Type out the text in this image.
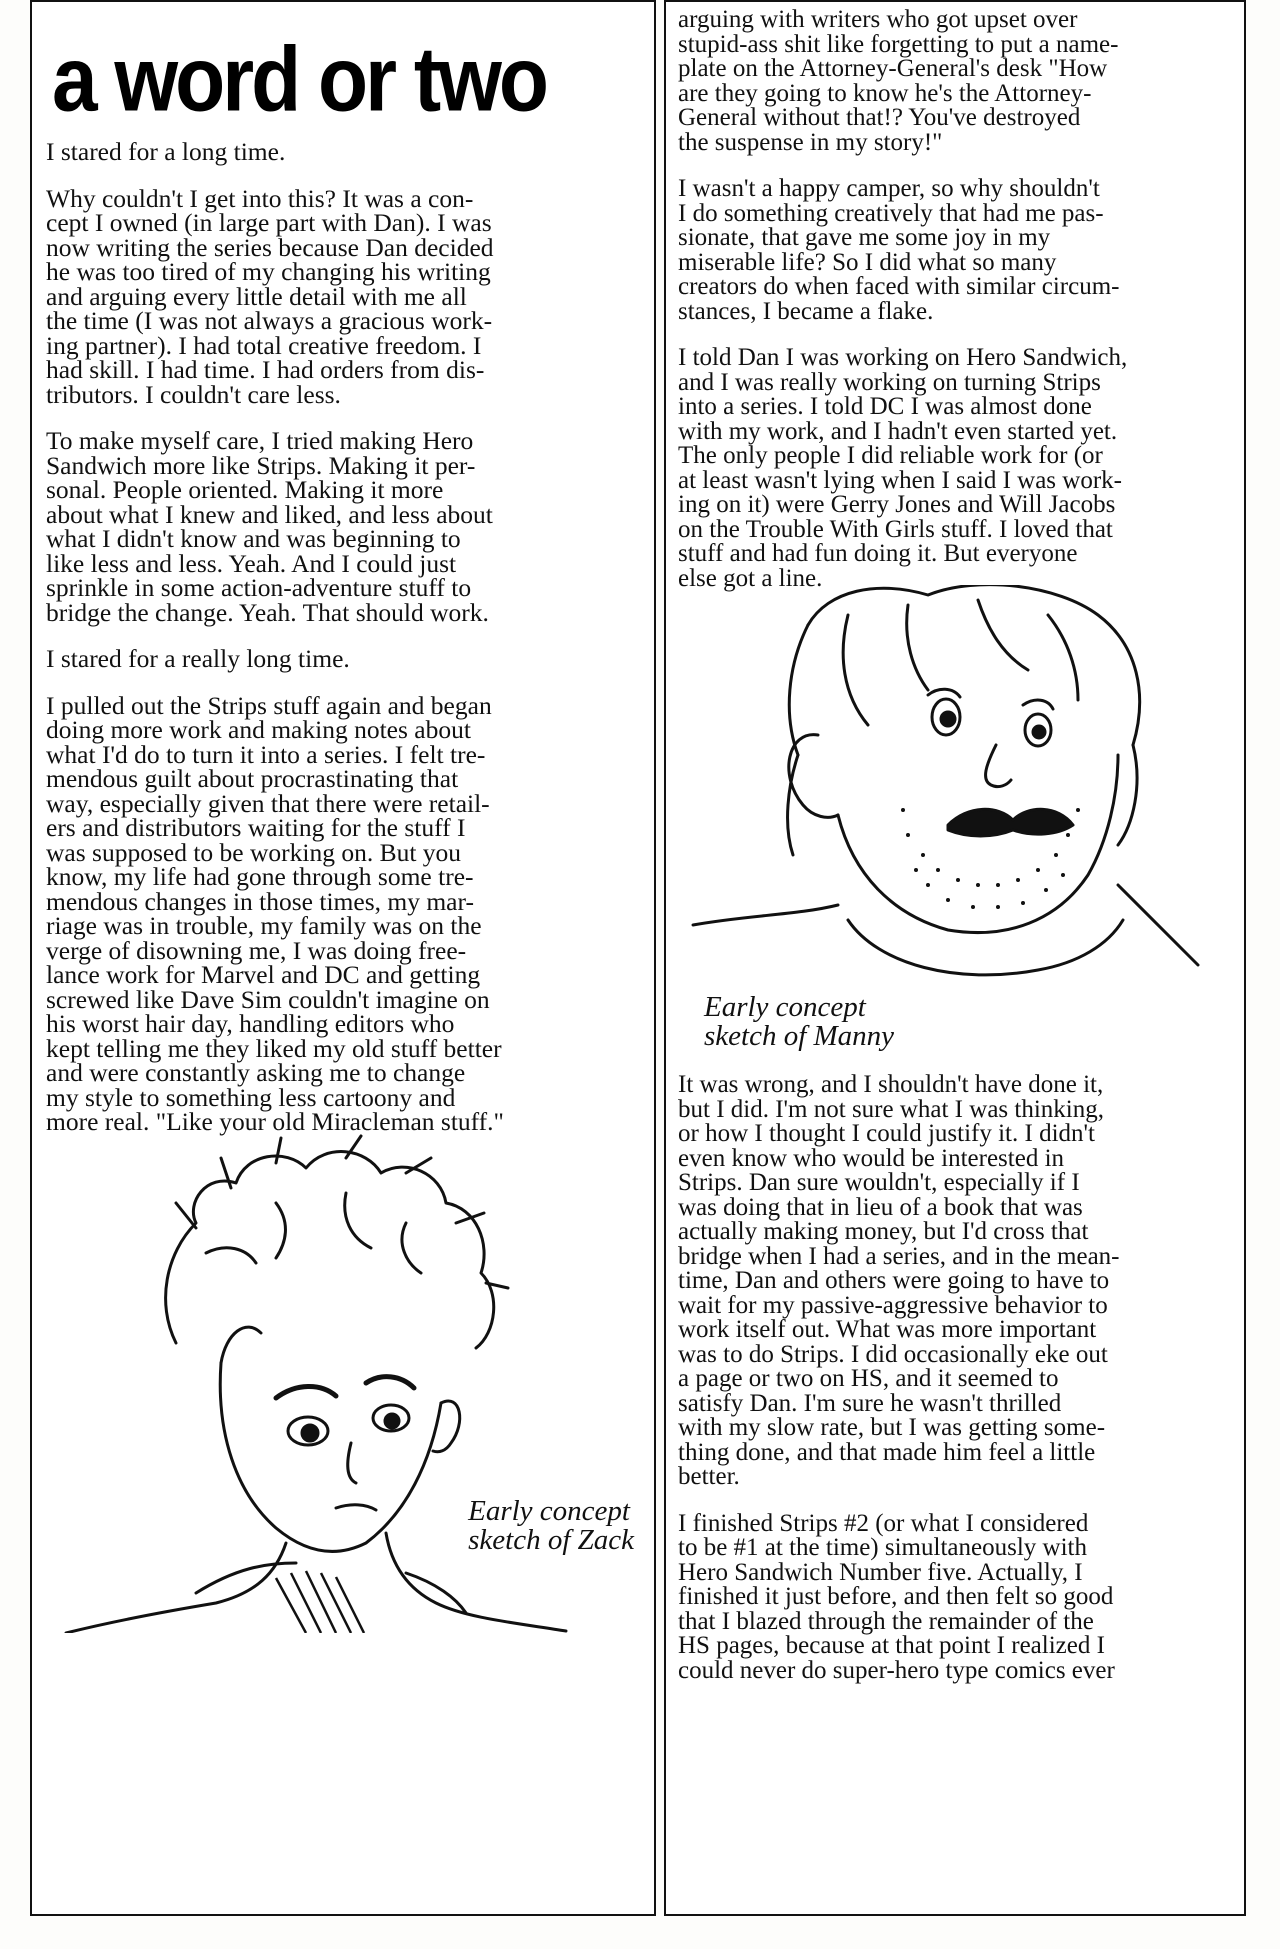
a word or two

I stared for a long time.

Why couldn't I get into this? It was a con-
cept I owned (in large part with Dan). I was
now writing the series because Dan decided
he was too tired of my changing his writing
and arguing every little detail with me all
the time (I was not always a gracious work-
ing partner). I had total creative freedom. I
had skill. I had time. I had orders from dis-
tributors. I couldn't care less.

To make myself care, I tried making Hero
Sandwich more like Strips. Making it per-
sonal. People oriented. Making it more
about what I knew and liked, and less about
what I didn't know and was beginning to
like less and less. Yeah. And I could just
sprinkle in some action-adventure stuff to
bridge the change. Yeah. That should work.

I stared for a really long time.

I pulled out the Strips stuff again and began
doing more work and making notes about
what I'd do to turn it into a series. I felt tre-
mendous guilt about procrastinating that
way, especially given that there were retail-
ers and distributors waiting for the stuff I
was supposed to be working on. But you
know, my life had gone through some tre-
mendous changes in those times, my mar-
riage was in trouble, my family was on the
verge of disowning me, I was doing free-
lance work for Marvel and DC and getting
screwed like Dave Sim couldn't imagine on
his worst hair day, handling editors who
kept telling me they liked my old stuff better
and were constantly asking me to change
my style to something less cartoony and
more real. "Like your old Miracleman stuff."

Early concept
sketch of Zack

arguing with writers who got upset over
stupid-ass shit like forgetting to put a name-
plate on the Attorney-General's desk "How
are they going to know he's the Attorney-
General without that!? You've destroyed
the suspense in my story!"

I wasn't a happy camper, so why shouldn't
I do something creatively that had me pas-
sionate, that gave me some joy in my
miserable life? So I did what so many
creators do when faced with similar circum-
stances, I became a flake.

I told Dan I was working on Hero Sandwich,
and I was really working on turning Strips
into a series. I told DC I was almost done
with my work, and I hadn't even started yet.
The only people I did reliable work for (or
at least wasn't lying when I said I was work-
ing on it) were Gerry Jones and Will Jacobs
on the Trouble With Girls stuff. I loved that
stuff and had fun doing it. But everyone
else got a line.

Early concept
sketch of Manny

It was wrong, and I shouldn't have done it,
but I did. I'm not sure what I was thinking,
or how I thought I could justify it. I didn't
even know who would be interested in
Strips. Dan sure wouldn't, especially if I
was doing that in lieu of a book that was
actually making money, but I'd cross that
bridge when I had a series, and in the mean-
time, Dan and others were going to have to
wait for my passive-aggressive behavior to
work itself out. What was more important
was to do Strips. I did occasionally eke out
a page or two on HS, and it seemed to
satisfy Dan. I'm sure he wasn't thrilled
with my slow rate, but I was getting some-
thing done, and that made him feel a little
better.

I finished Strips #2 (or what I considered
to be #1 at the time) simultaneously with
Hero Sandwich Number five. Actually, I
finished it just before, and then felt so good
that I blazed through the remainder of the
HS pages, because at that point I realized I
could never do super-hero type comics ever
